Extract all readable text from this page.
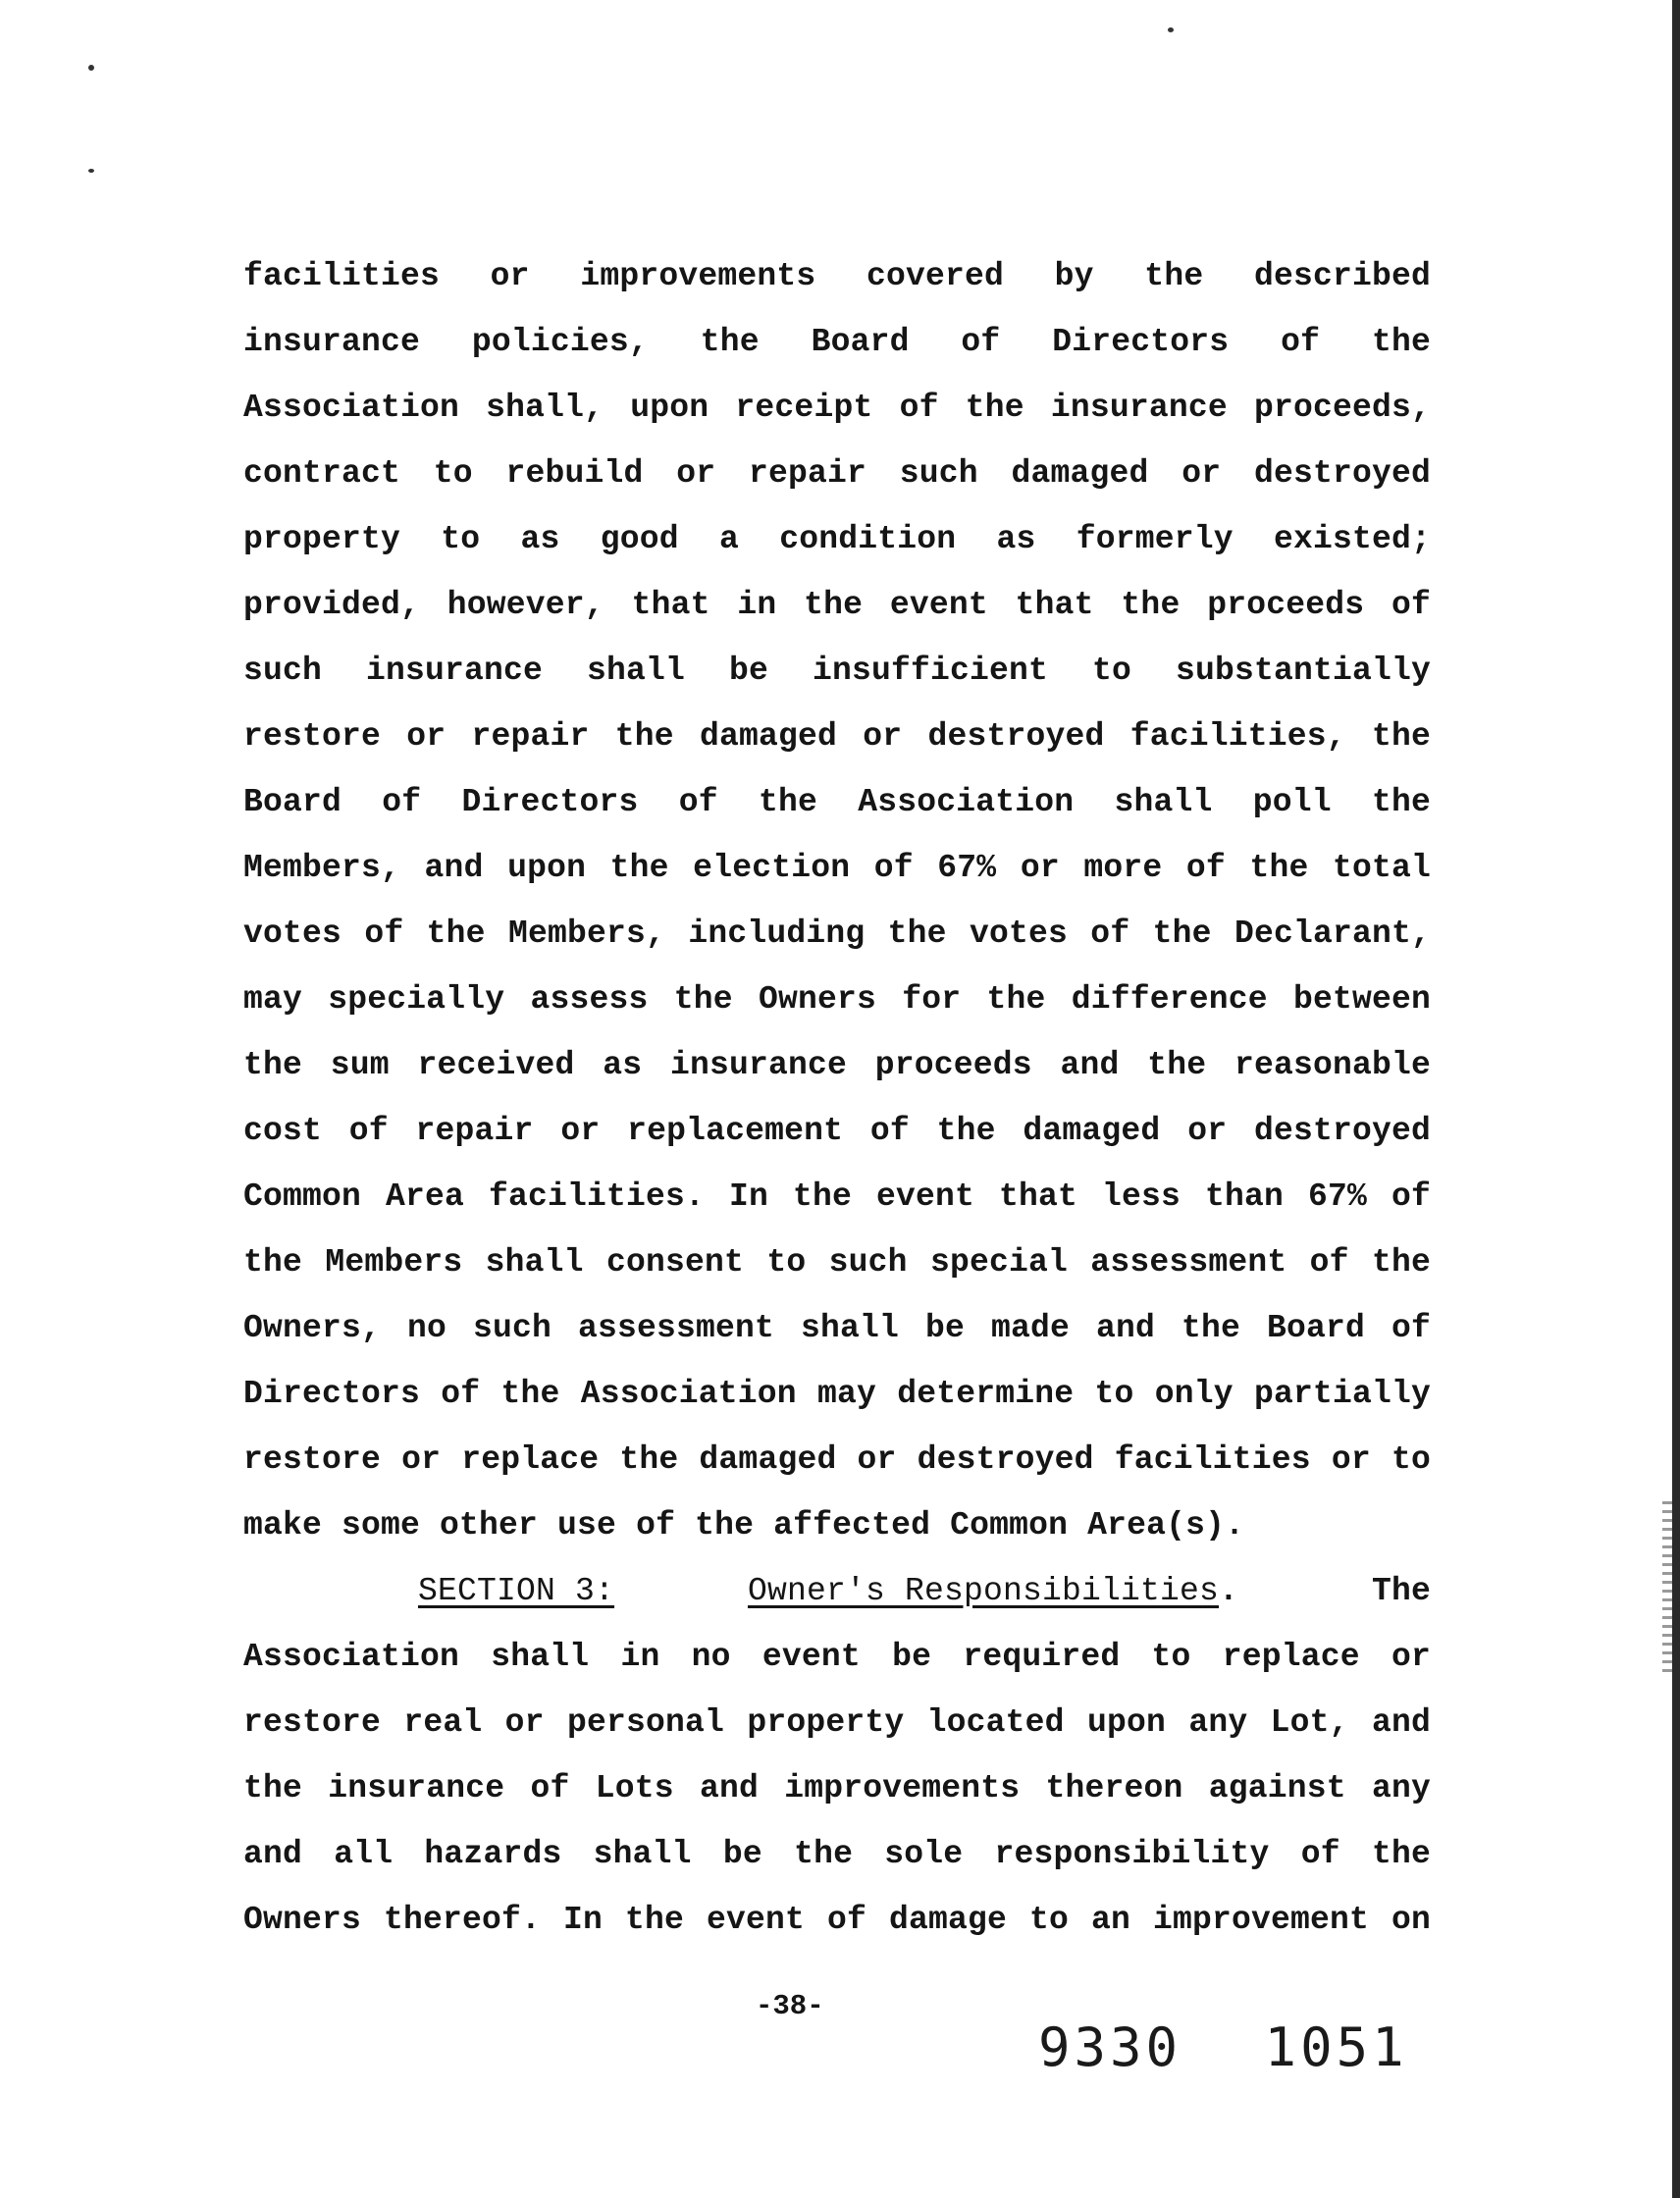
facilities or improvements covered by the described
insurance policies, the Board of Directors of the
Association shall, upon receipt of the insurance proceeds,
contract to rebuild or repair such damaged or destroyed
property to as good a condition as formerly existed;
provided, however, that in the event that the proceeds of
such insurance shall be insufficient to substantially
restore or repair the damaged or destroyed facilities, the
Board of Directors of the Association shall poll the
Members, and upon the election of 67% or more of the total
votes of the Members, including the votes of the Declarant,
may specially assess the Owners for the difference between
the sum received as insurance proceeds and the reasonable
cost of repair or replacement of the damaged or destroyed
Common Area facilities. In the event that less than 67% of
the Members shall consent to such special assessment of the
Owners, no such assessment shall be made and the Board of
Directors of the Association may determine to only partially
restore or replace the damaged or destroyed facilities or to
make some other use of the affected Common Area(s).
SECTION 3:	Owner's Responsibilities.	The
Association shall in no event be required to replace or
restore real or personal property located upon any Lot, and
the insurance of Lots and improvements thereon against any
and all hazards shall be the sole responsibility of the
Owners thereof. In the event of damage to an improvement on
-38-
9330 1051
